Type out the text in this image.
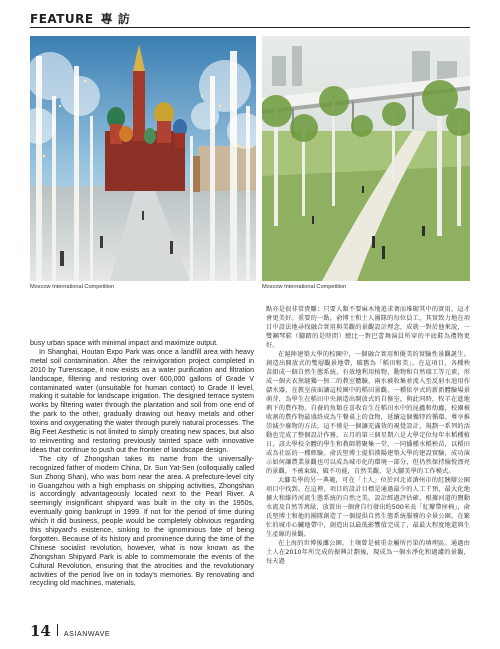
FEATURE 專 訪
Moscow International Competition	Moscow International Competition

busy urban space with minimal impact and maximize output.

In Shanghai, Houtan Expo Park was once a landfill area with heavy metal soil contamination. After the reinvigoration project completed in 2010 by Turenscape, it now exists as a water purification and filtration landscape, filtering and restoring over 600,000 gallons of Grade V contaminated water (unsuitable for human contact) to Grade II level, making it suitable for landscape irrigation. The designed terrace system works by filtering water through the plantation and soil from one end of the park to the other, gradually drawing out heavy metals and other toxins and oxygenating the water through purely natural processes. The Big Feet Aesthetic is not limited to simply creating new spaces, but also to reinventing and restoring previously tainted space with innovative ideas that continue to push out the frontier of landscape design.

The city of Zhongshan takes its name from the universally-recognized father of modern China, Dr. Sun Yat-Sen (colloquially called Sun Zhong Shan), who was born near the area. A prefecture-level city in Guangzhou with a high emphasis on shipping activities, Zhongshan is accordingly advantageously located next to the Pearl River. A seemingly insignificant shipyard was built in the city in the 1950s, eventually going bankrupt in 1999. If not for the period of time during which it did business, people would be completely oblivious regarding this shipyard's existence, sinking to the ignominious fate of being forgotten. Because of its history and prominence during the time of the Chinese socialist revolution, however, what is now known as the Zhongshan Shipyard Park is able to commemorate the events of the Cultural Revolution, ensuring that the atrocities and the revolutionary activities of the period live on in today's memories. By renovating and recycling old machines, materials,

點亦是很非常貴賺；只要人類不要麻木地追求奢而堆砌其中的實用，這才會更美好。重要的一點，俞博士和土人團隊的每位員工，其實致力地在項目中設法地尋找融合實用與美觀的景觀設計理念，成就一對於他來說，一雙鋼琴鞋（腳踏的是時間）總比一對巴蕾舞演員所穿的平底鞋為禮物更好。

在滬陣建築大學的校園中，一個融合實用和優美的實驗性景觀誕生。創造出開放式的雙層觀景地帶，破舊為「稻田和美」。在這項目，各種秧苗組成一個自然生態系統，有效地利用植物、動物和自然瑞工等元素，形成一個天衣無縫獨一無二的教室體驗，兩水被收集並流入至反射水池用作儲水器，在教室前面讓這校園中的稻田景觀。一種依享式的新新體驗場景萌芽，為學生在稻田中央創造出開放式的自修室，與此同時，牧羊在進地剩下的農作物，自養的魚類在喜收育生在稻田水中的昆蟲和幼蟲，校園被收割的農作物最盛終成為午餐桌上的食物，延續這個獨特的循環。尊享推崇減少廢物的方法，這不僅是一個讓充滿效的視覺設計，規劃一系列的活動也完成了整個設計作務，五月的第三個星期六是大學定位每年水稻種植日，該大學校全體的學生和教師將聚集一堂，一同播種水稻秧苗，以稻田或為社區的一種經驗。俞氏堅博士提倡漢陽建築大學的建設實驗，成功演示如何讓農業景觀也可以成為城市化的環境一部分，但仍然保持愉悅漂亮的景觀，不被東綿、破不功能，自然美觀，是大腳美學的工作模式。

大腳美學的另一典範，可在「土人」位於河北省滄州市的紅胰辯公園項目中找到。在這裡，項目的設計目標是通過最少的人工干預，最大化地擴大和維持河流生態系統的自然之美。設計經過評估確，根據河道的鹽動水流及自然等萬緑，放置出一個會自行發出約500米長「紅辮帶座椅」，俞氏堅博士和他的團隊創造了一個提供自然生態系統服務的全景公園，在繁忙的城市心臟地帶中，創造出以最低影響值完成了，最最大程度地還與生生產線的景觀。

在上海的世博後灘公園，土壤曾是被重金屬所污染的填埋區。通過由土人在2010年所完成的振興計劃後，現成為一個水淨化和過濾的景觀，每天過

14 ASIANWAVE
